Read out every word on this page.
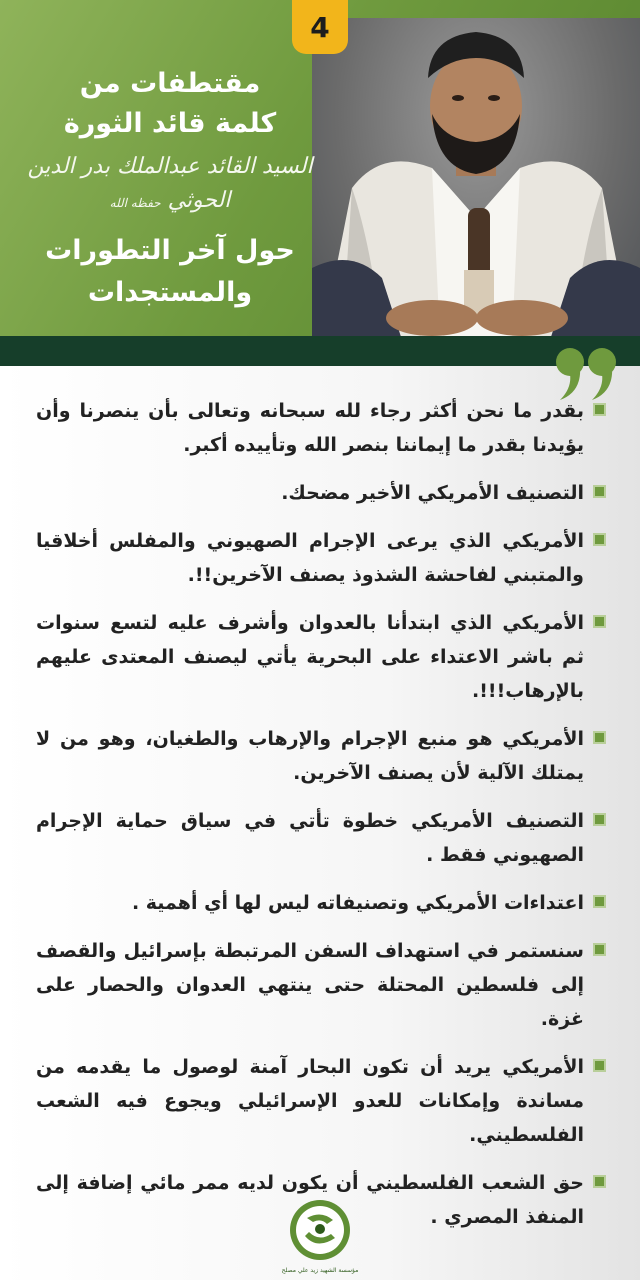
4
مقتطفات من
كلمة قائد الثورة
السيد القائد عبدالملك بدر الدين الحوثي حفظه الله
حول آخر التطورات
والمستجدات
بقدر ما نحن أكثر رجاء لله سبحانه وتعالى بأن ينصرنا وأن يؤيدنا بقدر ما إيماننا بنصر الله وتأييده أكبر.
التصنيف الأمريكي الأخير مضحك.
الأمريكي الذي يرعى الإجرام الصهيوني والمفلس أخلاقيا والمتبني لفاحشة الشذوذ يصنف الآخرين!!.
الأمريكي الذي ابتدأنا بالعدوان وأشرف عليه لتسع سنوات ثم باشر الاعتداء على البحرية يأتي ليصنف المعتدى عليهم بالإرهاب!!!.
الأمريكي هو منبع الإجرام والإرهاب والطغيان، وهو من لا يمتلك الآلية لأن يصنف الآخرين.
التصنيف الأمريكي خطوة تأتي في سياق حماية الإجرام الصهيوني فقط .
اعتداءات الأمريكي وتصنيفاته ليس لها أي أهمية .
سنستمر في استهداف السفن المرتبطة بإسرائيل والقصف إلى فلسطين المحتلة حتى ينتهي العدوان والحصار على غزة.
الأمريكي يريد أن تكون البحار آمنة لوصول ما يقدمه من مساندة وإمكانات للعدو الإسرائيلي ويجوع فيه الشعب الفلسطيني.
حق الشعب الفلسطيني أن يكون لديه ممر مائي إضافة إلى المنفذ المصري .
مؤسسة الشهيد زيد علي مصلح
